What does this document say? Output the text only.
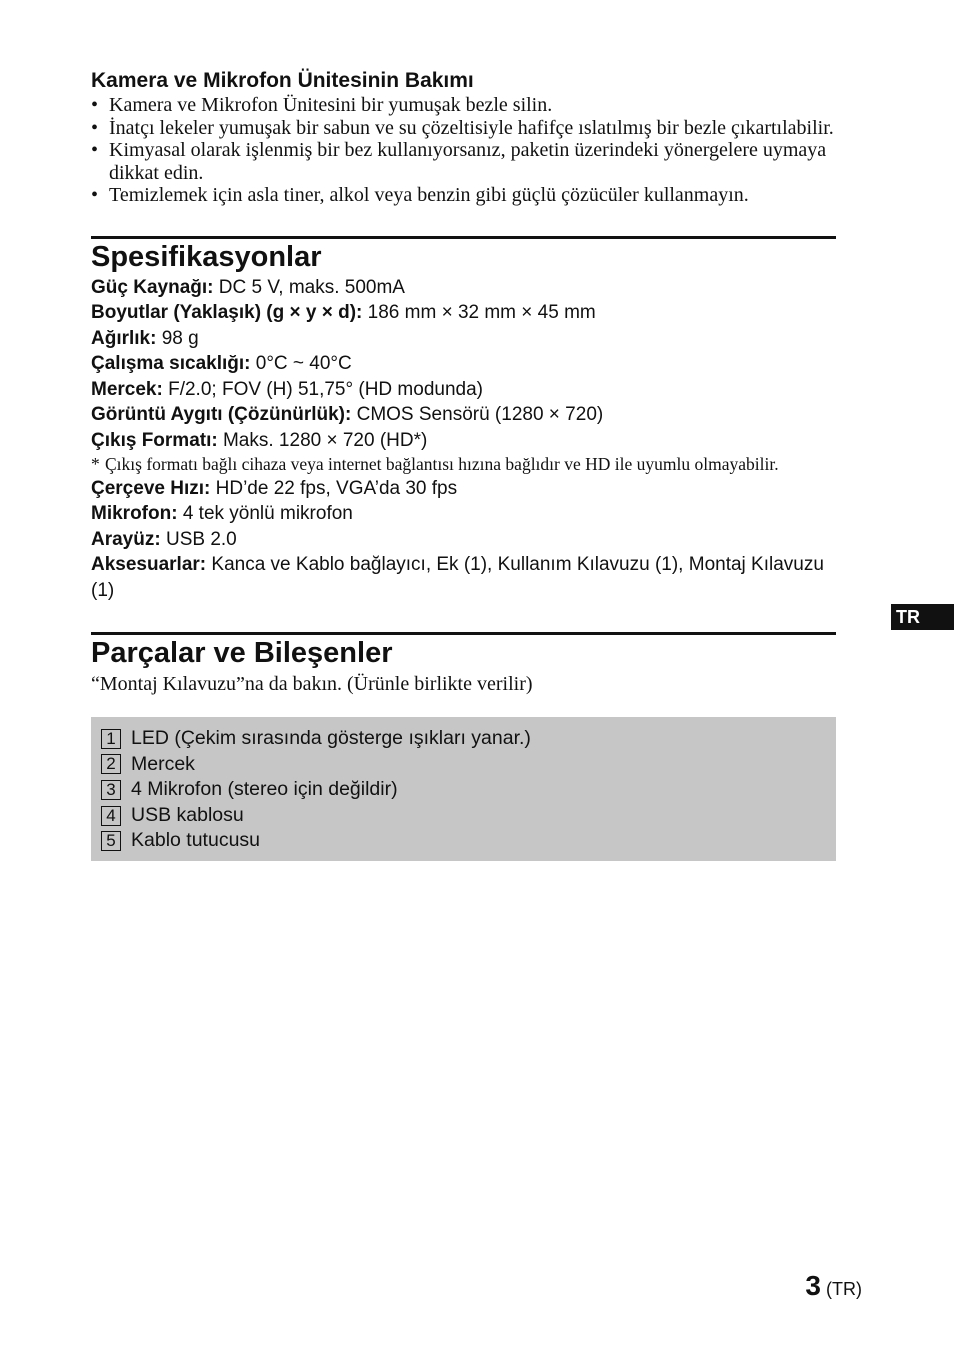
Kamera ve Mikrofon Ünitesinin Bakımı
• Kamera ve Mikrofon Ünitesini bir yumuşak bezle silin.
• İnatçı lekeler yumuşak bir sabun ve su çözeltisiyle hafifçe ıslatılmış bir bezle çıkartılabilir.
• Kimyasal olarak işlenmiş bir bez kullanıyorsanız, paketin üzerindeki yönergelere uymaya dikkat edin.
• Temizlemek için asla tiner, alkol veya benzin gibi güçlü çözücüler kullanmayın.
Spesifikasyonlar
Güç Kaynağı: DC 5 V, maks. 500mA
Boyutlar (Yaklaşık) (g × y × d): 186 mm × 32 mm × 45 mm
Ağırlık: 98 g
Çalışma sıcaklığı: 0°C ~ 40°C
Mercek: F/2.0; FOV (H) 51,75° (HD modunda)
Görüntü Aygıtı (Çözünürlük): CMOS Sensörü (1280 × 720)
Çıkış Formatı: Maks. 1280 × 720 (HD*)
* Çıkış formatı bağlı cihaza veya internet bağlantısı hızına bağlıdır ve HD ile uyumlu olmayabilir.
Çerçeve Hızı: HD’de 22 fps, VGA’da 30 fps
Mikrofon: 4 tek yönlü mikrofon
Arayüz: USB 2.0
Aksesuarlar: Kanca ve Kablo bağlayıcı, Ek (1), Kullanım Kılavuzu (1), Montaj Kılavuzu (1)
Parçalar ve Bileşenler

“Montaj Kılavuzu”na da bakın. (Ürünle birlikte verilir)

1 LED (Çekim sırasında gösterge ışıkları yanar.)
2 Mercek
3 4 Mikrofon (stereo için değildir)
4 USB kablosu
5 Kablo tutucusu
TR
3 (TR)
